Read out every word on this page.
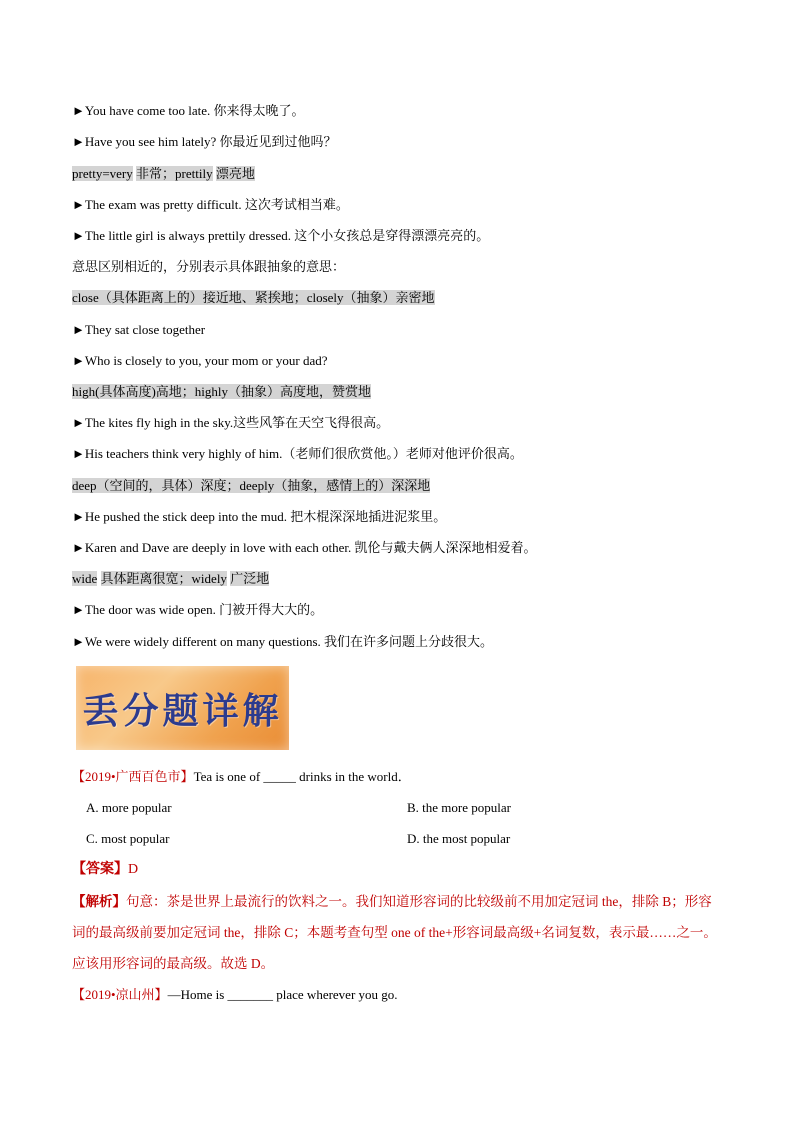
►You have come too late. 你来得太晚了。
►Have you see him lately? 你最近见到过他吗？
pretty=very 非常；prettily 漂亮地
►The exam was pretty difficult. 这次考试相当难。
►The little girl is always prettily dressed. 这个小女孩总是穿得漂漂亮亮的。
意思区别相近的，分别表示具体跟抽象的意思：
close（具体距离上的）接近地、紧挨地；closely（抽象）亲密地
►They sat close together
►Who is closely to you, your mom or your dad?
high(具体高度)高地；highly（抽象）高度地，赞赏地
►The kites fly high in the sky.这些风筝在天空飞得很高。
►His teachers think very highly of him.（老师们很欣赏他。）老师对他评价很高。
deep（空间的，具体）深度；deeply（抽象，感情上的）深深地
►He pushed the stick deep into the mud. 把木棍深深地插进泥浆里。
►Karen and Dave are deeply in love with each other. 凯伦与戴夫俩人深深地相爱着。
wide 具体距离很宽；widely 广泛地
►The door was wide open. 门被开得大大的。
►We were widely different on many questions. 我们在许多问题上分歧很大。
丢分题详解
【2019•广西百色市】Tea is one of _____ drinks in the world．
A. more popular	B. the more popular
C. most popular	D. the most popular
【答案】D
【解析】句意：茶是世界上最流行的饮料之一。我们知道形容词的比较级前不用加定冠词 the，排除 B；形容词的最高级前要加定冠词 the，排除 C；本题考查句型 one of the+形容词最高级+名词复数，表示最……之一。应该用形容词的最高级。故选 D。
【2019•凉山州】—Home is _______ place wherever you go.
